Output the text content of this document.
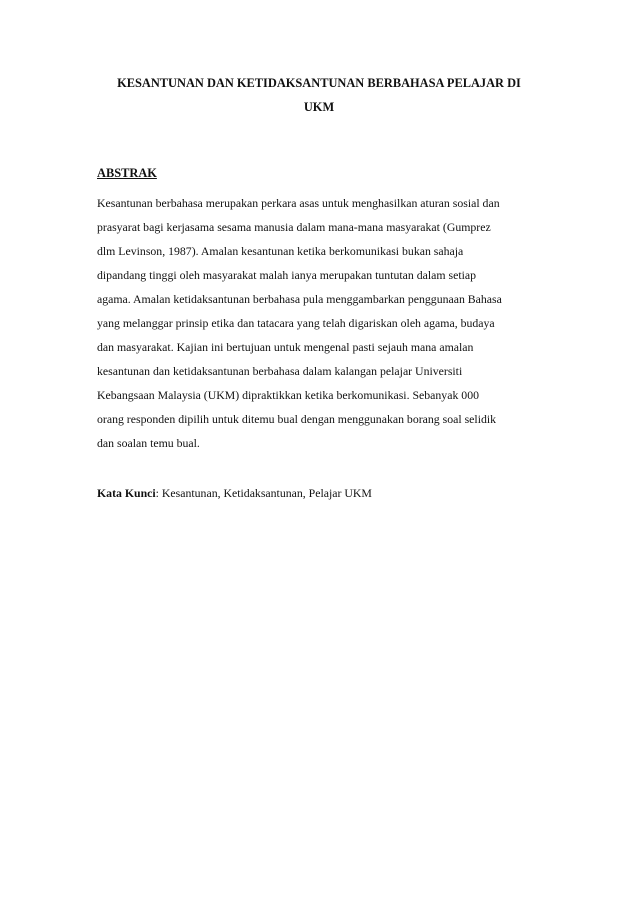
KESANTUNAN DAN KETIDAKSANTUNAN BERBAHASA PELAJAR DI
UKM
ABSTRAK
Kesantunan berbahasa merupakan perkara asas untuk menghasilkan aturan sosial dan
prasyarat bagi kerjasama sesama manusia dalam mana-mana masyarakat (Gumprez
dlm Levinson, 1987). Amalan kesantunan ketika berkomunikasi bukan sahaja
dipandang tinggi oleh masyarakat malah ianya merupakan tuntutan dalam setiap
agama. Amalan ketidaksantunan berbahasa pula menggambarkan penggunaan Bahasa
yang melanggar prinsip etika dan tatacara yang telah digariskan oleh agama, budaya
dan masyarakat. Kajian ini bertujuan untuk mengenal pasti sejauh mana amalan
kesantunan dan ketidaksantunan berbahasa dalam kalangan pelajar Universiti
Kebangsaan Malaysia (UKM) dipraktikkan ketika berkomunikasi. Sebanyak 000
orang responden dipilih untuk ditemu bual dengan menggunakan borang soal selidik
dan soalan temu bual.
Kata Kunci: Kesantunan, Ketidaksantunan, Pelajar UKM
